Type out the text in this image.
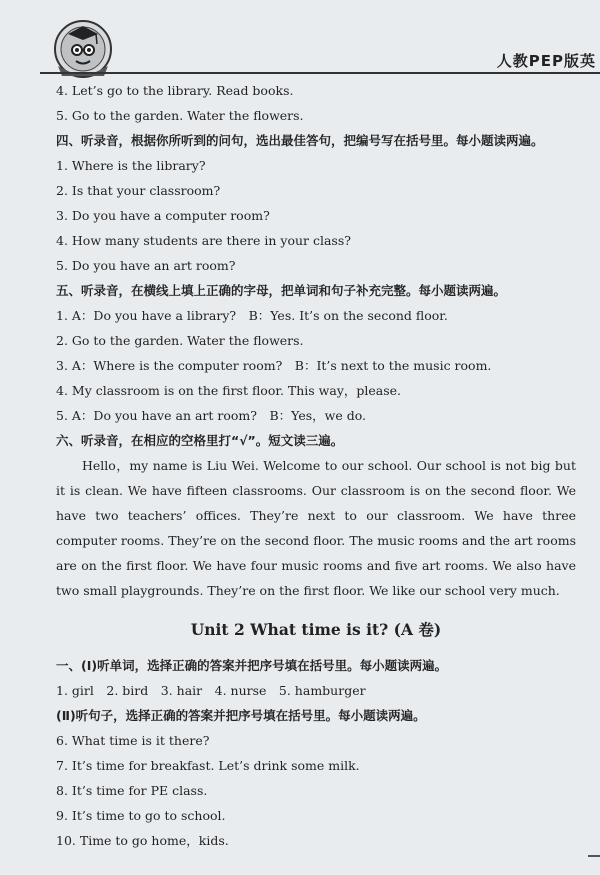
人教PEP版英
4. Let’s go to the library. Read books.
5. Go to the garden. Water the flowers.
四、听录音，根据你所听到的问句，选出最佳答句，把编号写在括号里。每小题读两遍。
1. Where is the library?
2. Is that your classroom?
3. Do you have a computer room?
4. How many students are there in your class?
5. Do you have an art room?
五、听录音，在横线上填上正确的字母，把单词和句子补充完整。每小题读两遍。
1. A：Do you have a library?　B：Yes. It’s on the second floor.
2. Go to the garden. Water the flowers.
3. A：Where is the computer room?　B：It’s next to the music room.
4. My classroom is on the first floor. This way，please.
5. A：Do you have an art room?　B：Yes，we do.
六、听录音，在相应的空格里打“√”。短文读三遍。

Hello，my name is Liu Wei. Welcome to our school. Our school is not big but it is clean. We have fifteen classrooms. Our classroom is on the second floor. We have two teachers’ offices. They’re next to our classroom. We have three computer rooms. They’re on the second floor. The music rooms and the art rooms are on the first floor. We have four music rooms and five art rooms. We also have two small playgrounds. They’re on the first floor. We like our school very much.

Unit 2 What time is it? (A 卷)
一、(Ⅰ)听单词，选择正确的答案并把序号填在括号里。每小题读两遍。
1. girl　2. bird　3. hair　4. nurse　5. hamburger
(Ⅱ)听句子，选择正确的答案并把序号填在括号里。每小题读两遍。
6. What time is it there?
7. It’s time for breakfast. Let’s drink some milk.
8. It’s time for PE class.
9. It’s time to go to school.
10. Time to go home，kids.
